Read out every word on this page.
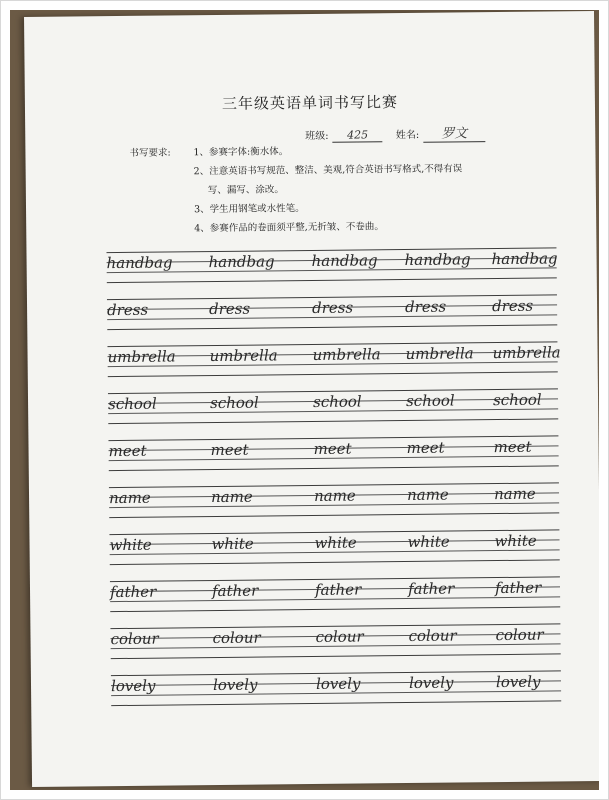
三年级英语单词书写比赛
班级: 425	姓名: 罗文
书写要求: 1、参赛字体:衡水体。
2、注意英语书写规范、整洁、美观,符合英语书写格式,不得有误
写、漏写、涂改。
3、学生用钢笔或水性笔。
4、参赛作品的卷面须平整,无折皱、不卷曲。
handbag handbag handbag handbag handbag
dress	dress	dress	dress	dress
umbrella umbrella umbrella umbrella umbrella
school	school	school	school	school
meet	meet	meet	meet	meet
name	name	name	name	name
white	white	white	white	white
father	father	father	father	father
colour	colour	colour	colour	colour
lovely	lovely	lovely	lovely	lovely
